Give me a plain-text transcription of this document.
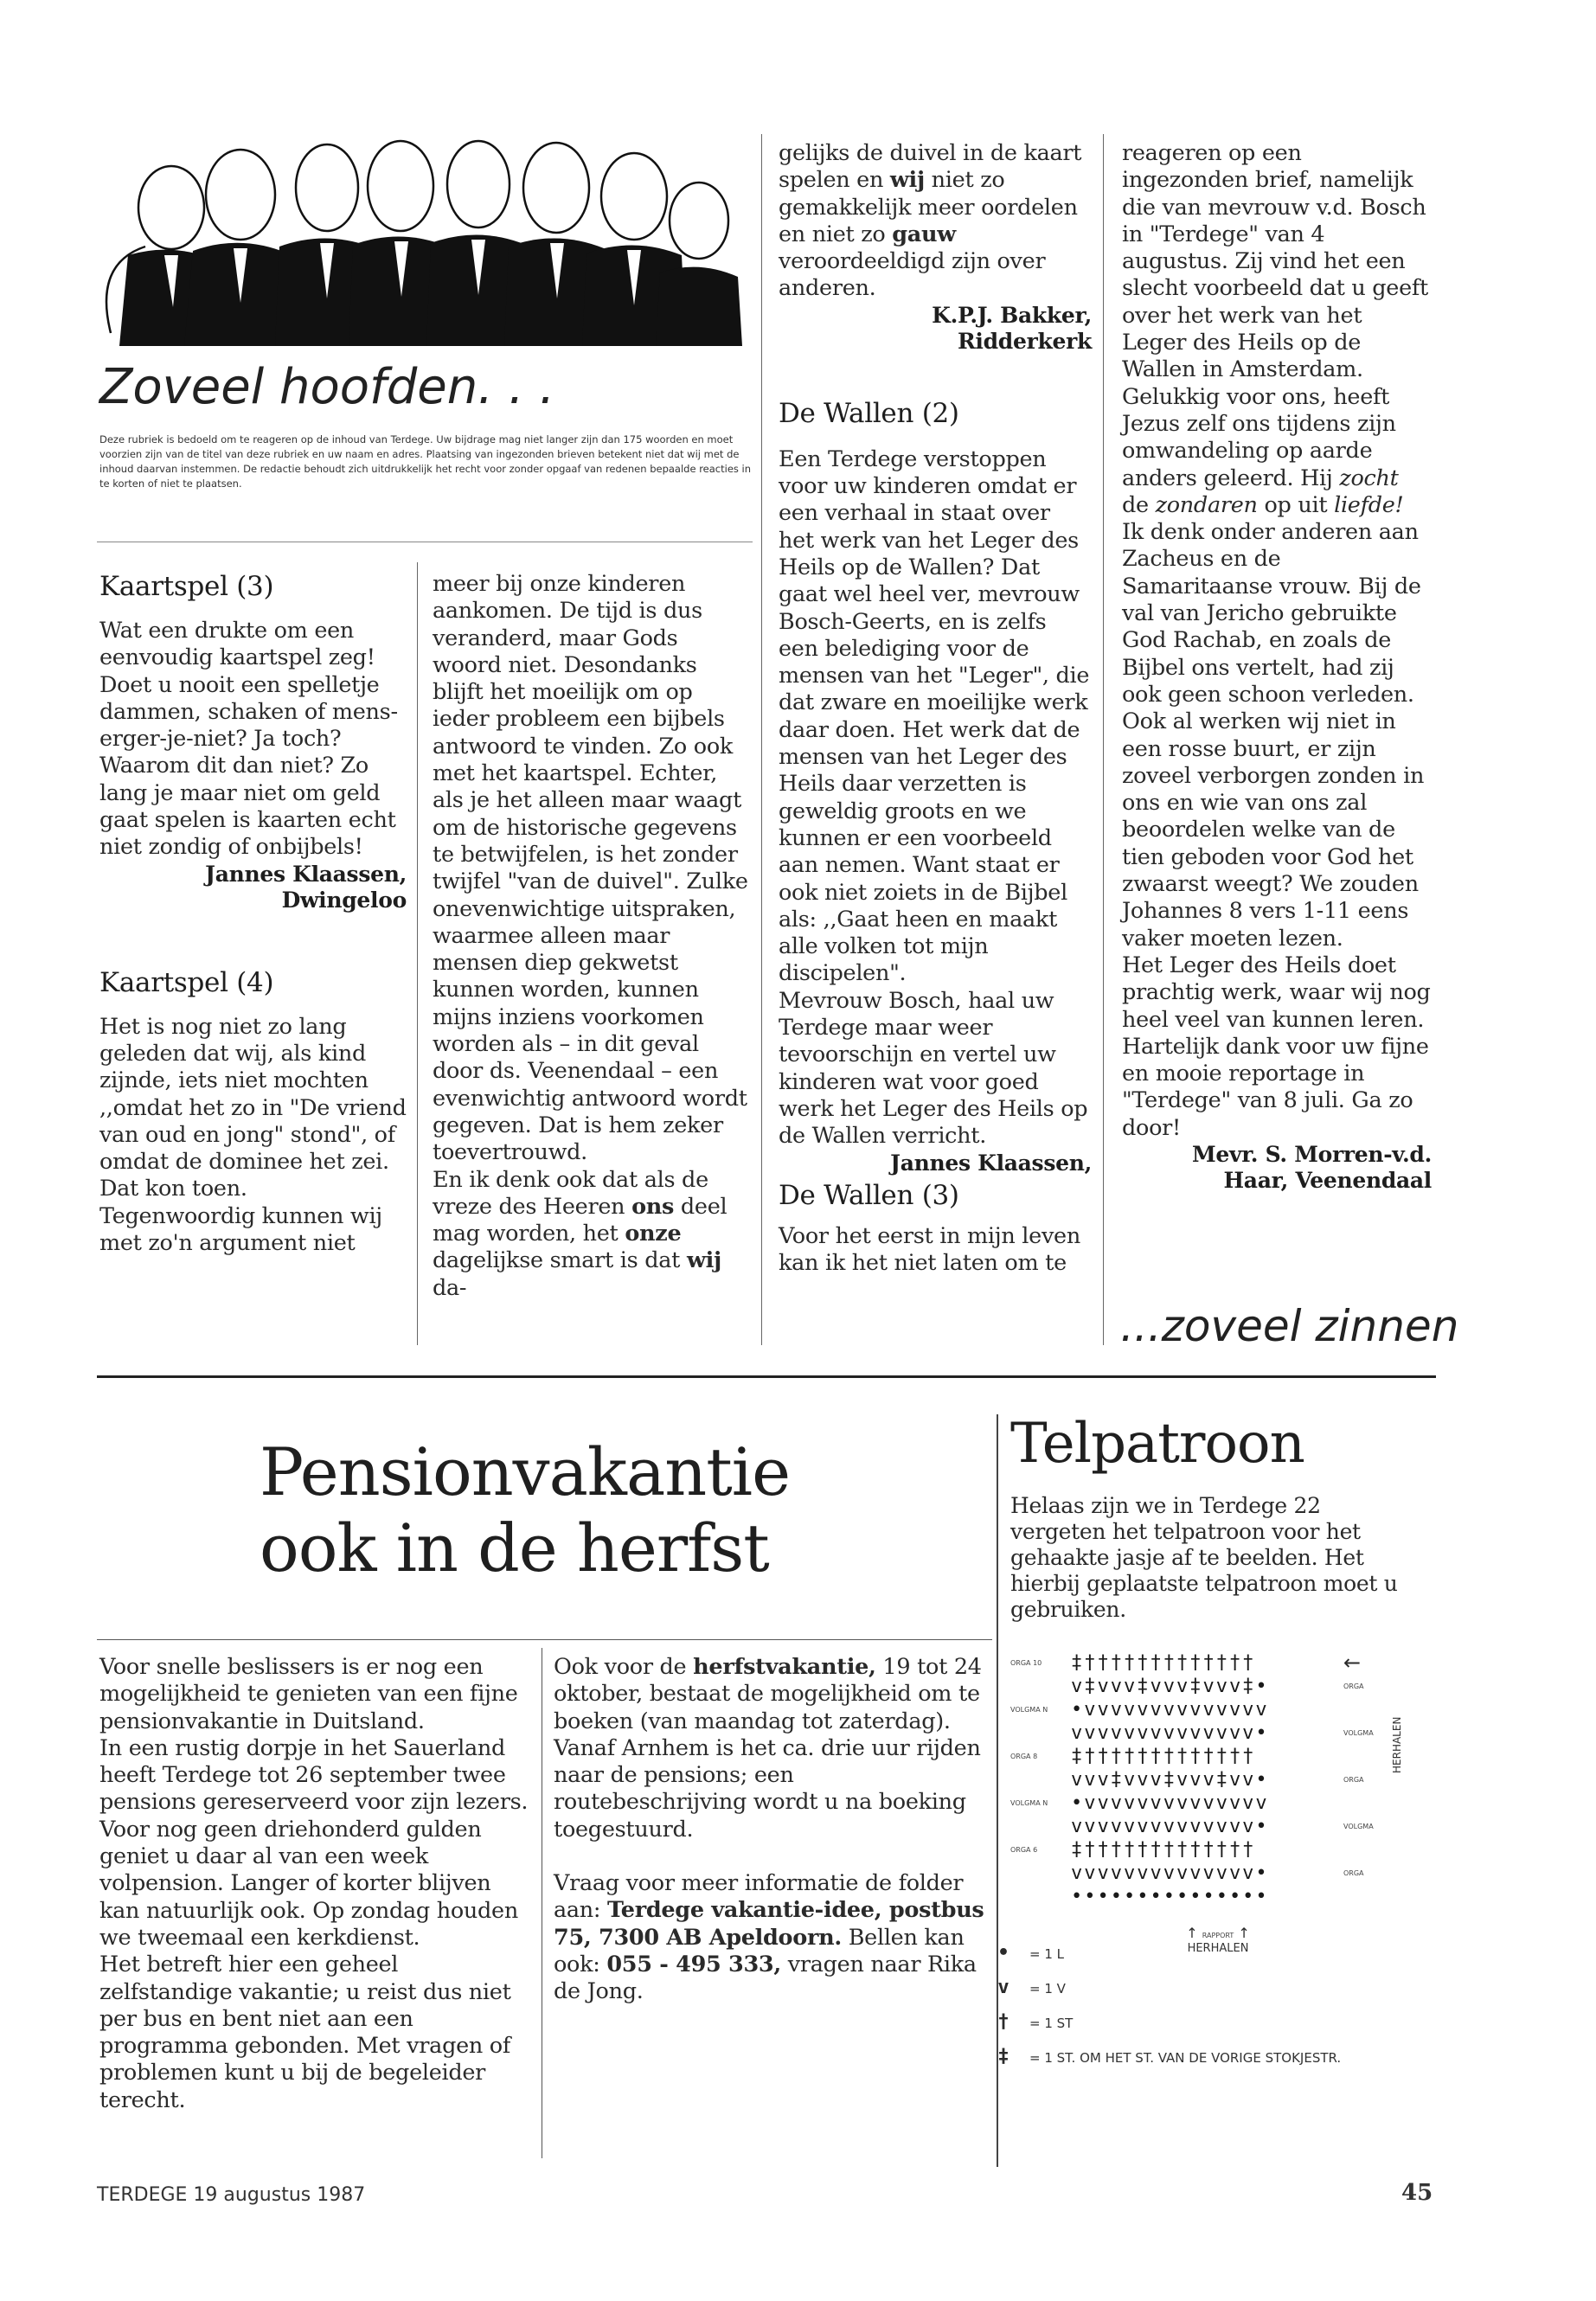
Zoveel hoofden. . .
Deze rubriek is bedoeld om te reageren op de inhoud van Terdege. Uw bijdrage mag niet langer zijn dan 175 woorden en moet voorzien zijn van de titel van deze rubriek en uw naam en adres. Plaatsing van ingezonden brieven betekent niet dat wij met de inhoud daarvan instemmen. De redactie behoudt zich uitdrukkelijk het recht voor zonder opgaaf van redenen bepaalde reacties in te korten of niet te plaatsen.
Kaartspel (3)

Wat een drukte om een eenvoudig kaartspel zeg! Doet u nooit een spelletje dammen, schaken of mens-erger-je-niet? Ja toch? Waarom dit dan niet? Zo lang je maar niet om geld gaat spelen is kaarten echt niet zondig of onbijbels!

Jannes Klaassen,
Dwingeloo
Kaartspel (4)

Het is nog niet zo lang geleden dat wij, als kind zijnde, iets niet mochten ,,omdat het zo in "De vriend van oud en jong" stond", of omdat de dominee het zei. Dat kon toen. Tegenwoordig kunnen wij met zo'n argument niet

meer bij onze kinderen aankomen. De tijd is dus veranderd, maar Gods woord niet. Desondanks blijft het moeilijk om op ieder probleem een bijbels antwoord te vinden. Zo ook met het kaartspel. Echter, als je het alleen maar waagt om de historische gegevens te betwijfelen, is het zonder twijfel "van de duivel". Zulke onevenwichtige uitspraken, waarmee alleen maar mensen diep gekwetst kunnen worden, kunnen mijns inziens voorkomen worden als – in dit geval door ds. Veenendaal – een evenwichtig antwoord wordt gegeven. Dat is hem zeker toevertrouwd.

En ik denk ook dat als de vreze des Heeren ons deel mag worden, het onze dagelijkse smart is dat wij da-

gelijks de duivel in de kaart spelen en wij niet zo gemakkelijk meer oordelen en niet zo gauw veroordeeldigd zijn over anderen.

K.P.J. Bakker,
Ridderkerk
De Wallen (2)

Een Terdege verstoppen voor uw kinderen omdat er een verhaal in staat over het werk van het Leger des Heils op de Wallen? Dat gaat wel heel ver, mevrouw Bosch-Geerts, en is zelfs een belediging voor de mensen van het "Leger", die dat zware en moeilijke werk daar doen. Het werk dat de mensen van het Leger des Heils daar verzetten is geweldig groots en we kunnen er een voorbeeld aan nemen. Want staat er ook niet zoiets in de Bijbel als: ,,Gaat heen en maakt alle volken tot mijn discipelen".

Mevrouw Bosch, haal uw Terdege maar weer tevoorschijn en vertel uw kinderen wat voor goed werk het Leger des Heils op de Wallen verricht.

Jannes Klaassen,
De Wallen (3)

Voor het eerst in mijn leven kan ik het niet laten om te

reageren op een ingezonden brief, namelijk die van mevrouw v.d. Bosch in "Terdege" van 4 augustus. Zij vind het een slecht voorbeeld dat u geeft over het werk van het Leger des Heils op de Wallen in Amsterdam.

Gelukkig voor ons, heeft Jezus zelf ons tijdens zijn omwandeling op aarde anders geleerd. Hij zocht de zondaren op uit liefde! Ik denk onder anderen aan Zacheus en de Samaritaanse vrouw. Bij de val van Jericho gebruikte God Rachab, en zoals de Bijbel ons vertelt, had zij ook geen schoon verleden.

Ook al werken wij niet in een rosse buurt, er zijn zoveel verborgen zonden in ons en wie van ons zal beoordelen welke van de tien geboden voor God het zwaarst weegt? We zouden Johannes 8 vers 1-11 eens vaker moeten lezen.

Het Leger des Heils doet prachtig werk, waar wij nog heel veel van kunnen leren. Hartelijk dank voor uw fijne en mooie reportage in "Terdege" van 8 juli. Ga zo door!

Mevr. S. Morren-v.d.
Haar, Veenendaal
...zoveel zinnen
Pensionvakantie
ook in de herfst

Voor snelle beslissers is er nog een mogelijkheid te genieten van een fijne pensionvakantie in Duitsland.

In een rustig dorpje in het Sauerland heeft Terdege tot 26 september twee pensions gereserveerd voor zijn lezers. Voor nog geen driehonderd gulden geniet u daar al van een week volpension. Langer of korter blijven kan natuurlijk ook. Op zondag houden we tweemaal een kerkdienst.

Het betreft hier een geheel zelfstandige vakantie; u reist dus niet per bus en bent niet aan een programma gebonden. Met vragen of problemen kunt u bij de begeleider terecht.

Ook voor de herfstvakantie, 19 tot 24 oktober, bestaat de mogelijkheid om te boeken (van maandag tot zaterdag).

Vanaf Arnhem is het ca. drie uur rijden naar de pensions; een routebeschrijving wordt u na boeking toegestuurd.

Vraag voor meer informatie de folder aan: Terdege vakantie-idee, postbus 75, 7300 AB Apeldoorn. Bellen kan ook: 055 - 495 333, vragen naar Rika de Jong.

Telpatroon
Helaas zijn we in Terdege 22 vergeten het telpatroon voor het gehaakte jasje af te beelden. Het hierbij geplaatste telpatroon moet u gebruiken.
ORGA 10 ‡†††††††††††††	←
v‡vvv‡vvv‡vvv‡•	ORGA
VOLGMA N •vvvvvvvvvvvvvv
vvvvvvvvvvvvvv•	VOLGMA
ORGA 8 ‡†††††††††††††
vvv‡vvv‡vvv‡vv•	ORGA
VOLGMA N •vvvvvvvvvvvvvv
vvvvvvvvvvvvvv•	VOLGMA
ORGA 6 ‡†††††††††††††
vvvvvvvvvvvvvv•	ORGA
•••••••••••••••
HERHALEN
↑ RAPPORT ↑
HERHALEN
• = 1 L
v = 1 V
† = 1 ST
‡ = 1 ST. OM HET ST. VAN DE VORIGE STOKJESTR.
TERDEGE 19 augustus 1987	45
